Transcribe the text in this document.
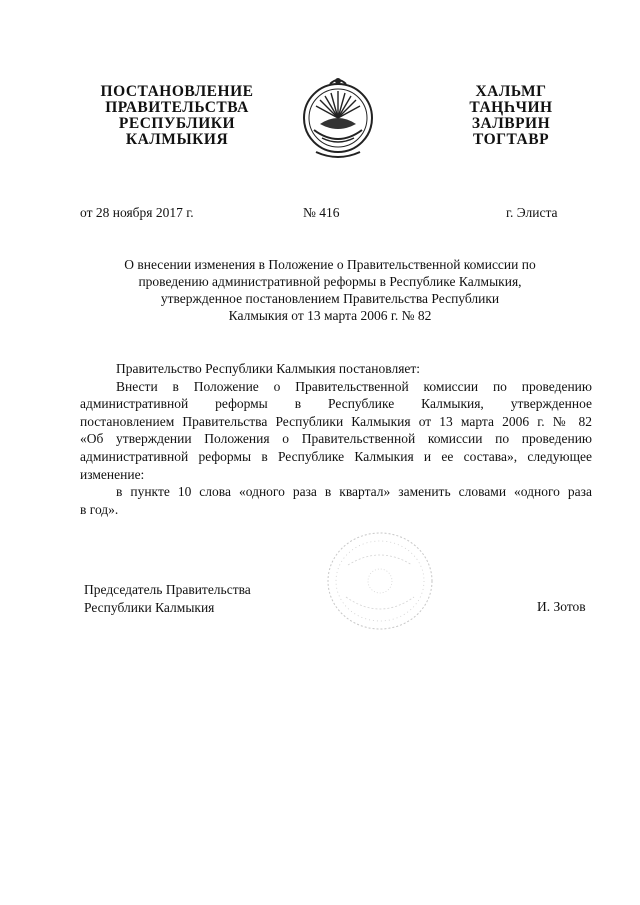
ПОСТАНОВЛЕНИЕ
ПРАВИТЕЛЬСТВА
РЕСПУБЛИКИ
КАЛМЫКИЯ
ХАЛЬМГ
ТАҢҺЧИН
ЗАЛВРИН
ТОГТАВР
от 28 ноября 2017 г.	№ 416	г. Элиста
О внесении изменения в Положение о Правительственной комиссии по
проведению административной реформы в Республике Калмыкия,
утвержденное постановлением Правительства Республики
Калмыкия от 13 марта 2006 г. № 82
Правительство Республики Калмыкия постановляет:
Внести в Положение о Правительственной комиссии по проведению
административной реформы в Республике Калмыкия, утвержденное
постановлением Правительства Республики Калмыкия от 13 марта 2006 г. № 82
«Об утверждении Положения о Правительственной комиссии по проведению
административной реформы в Республике Калмыкия и ее состава», следующее
изменение:
в пункте 10 слова «одного раза в квартал» заменить словами «одного раза
в год».
Председатель Правительства
Республики Калмыкия	И. Зотов
